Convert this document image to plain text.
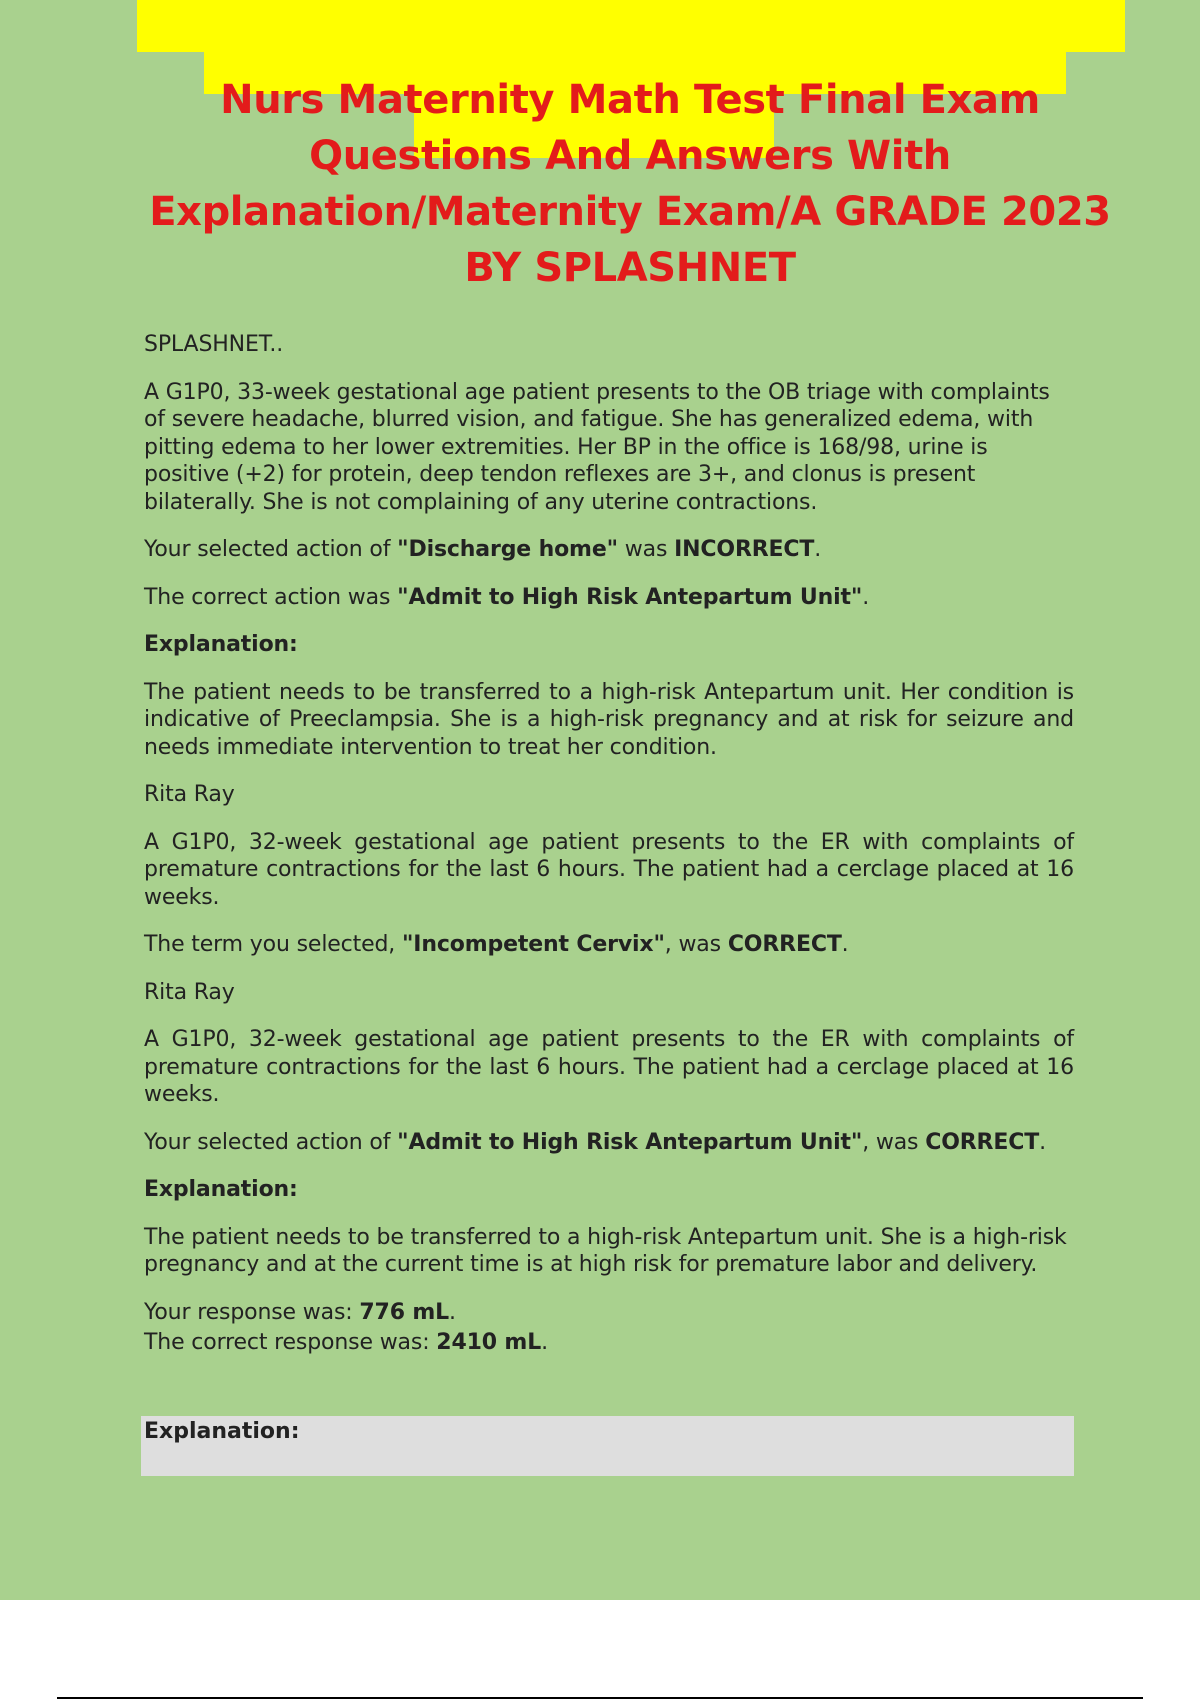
Nurs Maternity Math Test Final Exam Questions And Answers With Explanation/Maternity Exam/A GRADE 2023 BY SPLASHNET

SPLASHNET..

A G1P0, 33-week gestational age patient presents to the OB triage with complaints of severe headache, blurred vision, and fatigue. She has generalized edema, with pitting edema to her lower extremities. Her BP in the office is 168/98, urine is positive (+2) for protein, deep tendon reflexes are 3+, and clonus is present bilaterally. She is not complaining of any uterine contractions.

Your selected action of "Discharge home" was INCORRECT.

The correct action was "Admit to High Risk Antepartum Unit".

Explanation:

The patient needs to be transferred to a high-risk Antepartum unit. Her condition is indicative of Preeclampsia. She is a high-risk pregnancy and at risk for seizure and needs immediate intervention to treat her condition.

Rita Ray

A G1P0, 32-week gestational age patient presents to the ER with complaints of premature contractions for the last 6 hours. The patient had a cerclage placed at 16 weeks.

The term you selected, "Incompetent Cervix", was CORRECT.

Rita Ray

A G1P0, 32-week gestational age patient presents to the ER with complaints of premature contractions for the last 6 hours. The patient had a cerclage placed at 16 weeks.

Your selected action of "Admit to High Risk Antepartum Unit", was CORRECT.

Explanation:

The patient needs to be transferred to a high-risk Antepartum unit. She is a high-risk pregnancy and at the current time is at high risk for premature labor and delivery.

Your response was: 776 mL.

The correct response was: 2410 mL.

Explanation:
